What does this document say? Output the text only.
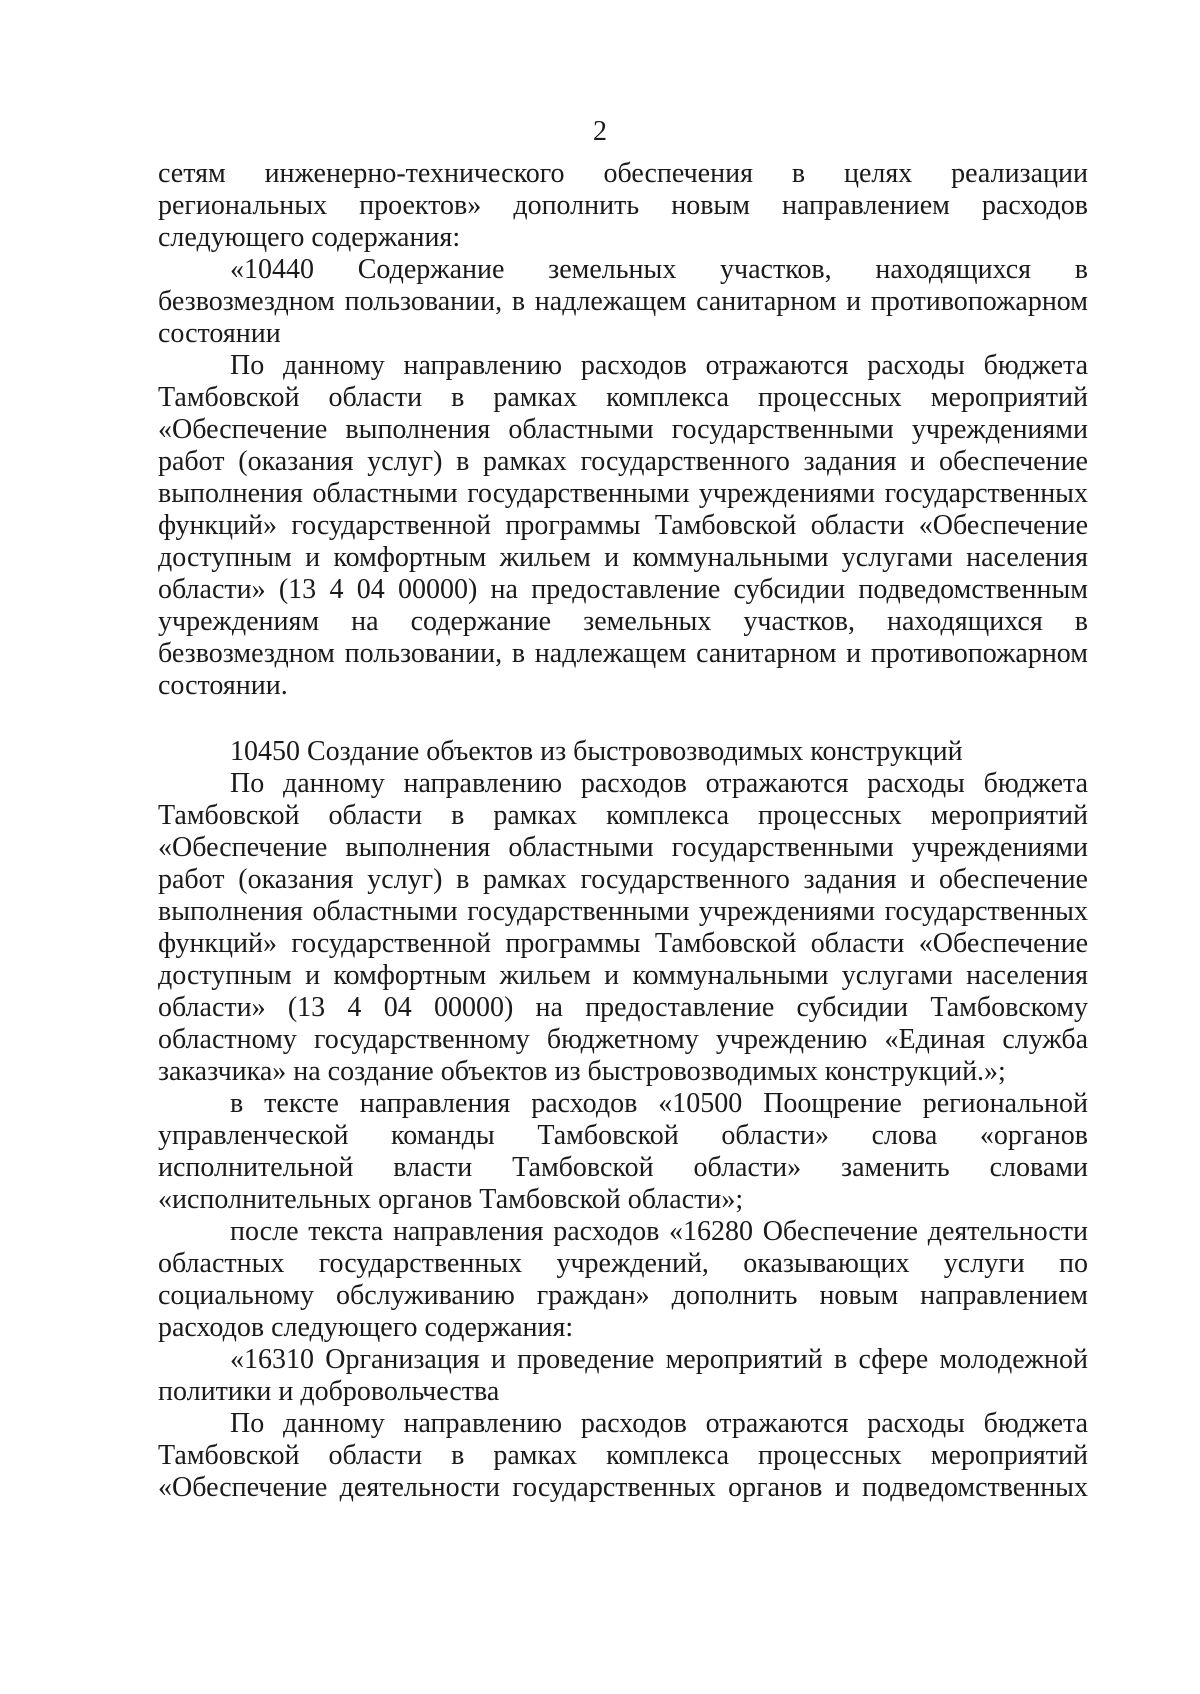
2
сетям инженерно-технического обеспечения в целях реализации
региональных проектов» дополнить новым направлением расходов
следующего содержания:
«10440 Содержание земельных участков, находящихся в
безвозмездном пользовании, в надлежащем санитарном и противопожарном
состоянии
По данному направлению расходов отражаются расходы бюджета
Тамбовской области в рамках комплекса процессных мероприятий
«Обеспечение выполнения областными государственными учреждениями
работ (оказания услуг) в рамках государственного задания и обеспечение
выполнения областными государственными учреждениями государственных
функций» государственной программы Тамбовской области «Обеспечение
доступным и комфортным жильем и коммунальными услугами населения
области» (13 4 04 00000) на предоставление субсидии подведомственным
учреждениям на содержание земельных участков, находящихся в
безвозмездном пользовании, в надлежащем санитарном и противопожарном
состоянии.
10450 Создание объектов из быстровозводимых конструкций
По данному направлению расходов отражаются расходы бюджета
Тамбовской области в рамках комплекса процессных мероприятий
«Обеспечение выполнения областными государственными учреждениями
работ (оказания услуг) в рамках государственного задания и обеспечение
выполнения областными государственными учреждениями государственных
функций» государственной программы Тамбовской области «Обеспечение
доступным и комфортным жильем и коммунальными услугами населения
области» (13 4 04 00000) на предоставление субсидии Тамбовскому
областному государственному бюджетному учреждению «Единая служба
заказчика» на создание объектов из быстровозводимых конструкций.»;
в тексте направления расходов «10500 Поощрение региональной
управленческой команды Тамбовской области» слова «органов
исполнительной власти Тамбовской области» заменить словами
«исполнительных органов Тамбовской области»;
после текста направления расходов «16280 Обеспечение деятельности
областных государственных учреждений, оказывающих услуги по
социальному обслуживанию граждан» дополнить новым направлением
расходов следующего содержания:
«16310 Организация и проведение мероприятий в сфере молодежной
политики и добровольчества
По данному направлению расходов отражаются расходы бюджета
Тамбовской области в рамках комплекса процессных мероприятий
«Обеспечение деятельности государственных органов и подведомственных
